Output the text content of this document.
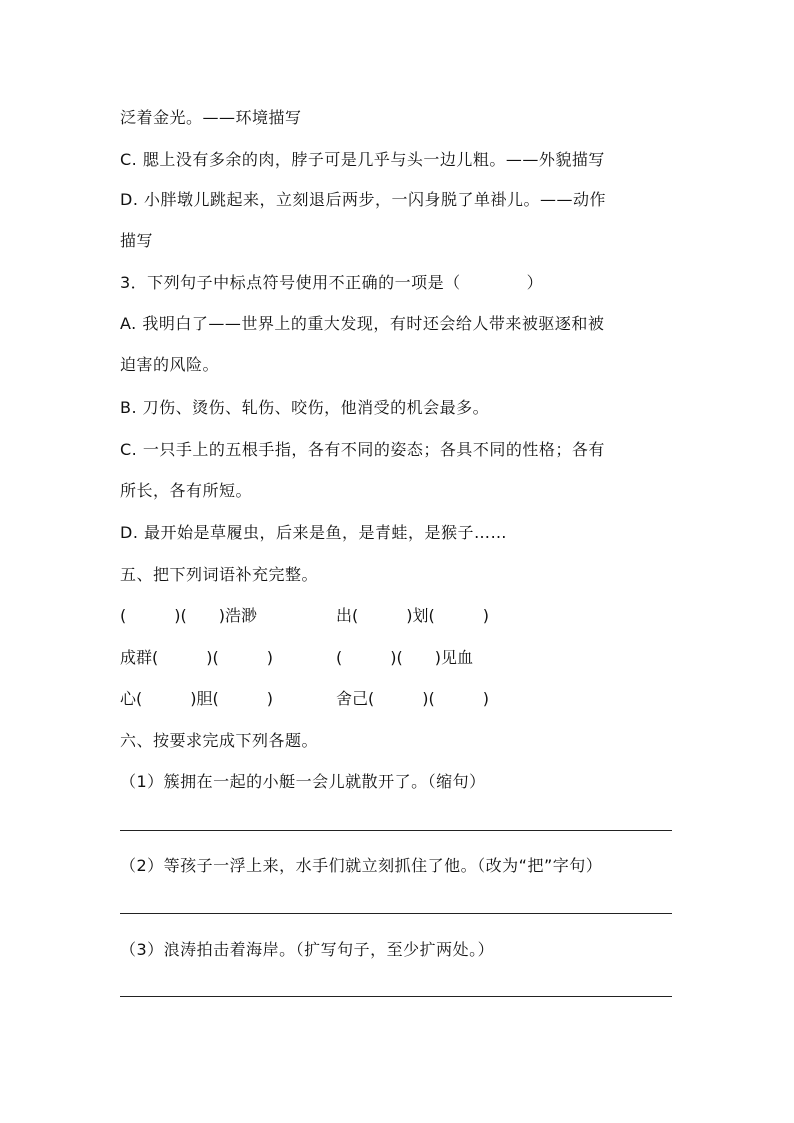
泛着金光。——环境描写
C. 腮上没有多余的肉，脖子可是几乎与头一边儿粗。——外貌描写
D. 小胖墩儿跳起来，立刻退后两步，一闪身脱了单褂儿。——动作
描写
3．下列句子中标点符号使用不正确的一项是（　　　　）
A. 我明白了——世界上的重大发现，有时还会给人带来被驱逐和被
迫害的风险。
B. 刀伤、烫伤、轧伤、咬伤，他消受的机会最多。
C. 一只手上的五根手指，各有不同的姿态；各具不同的性格；各有
所长，各有所短。
D. 最开始是草履虫，后来是鱼，是青蛙，是猴子……
五、把下列词语补充完整。
(　　　)(　　)浩渺	出(　　　)划(　　　)
成群(　　　)(　　　)	(　　　)(　　)见血
心(　　　)胆(　　　)	舍己(　　　)(　　　)
六、按要求完成下列各题。
（1）簇拥在一起的小艇一会儿就散开了。（缩句）
（2）等孩子一浮上来，水手们就立刻抓住了他。（改为“把”字句）
（3）浪涛拍击着海岸。（扩写句子，至少扩两处。）
